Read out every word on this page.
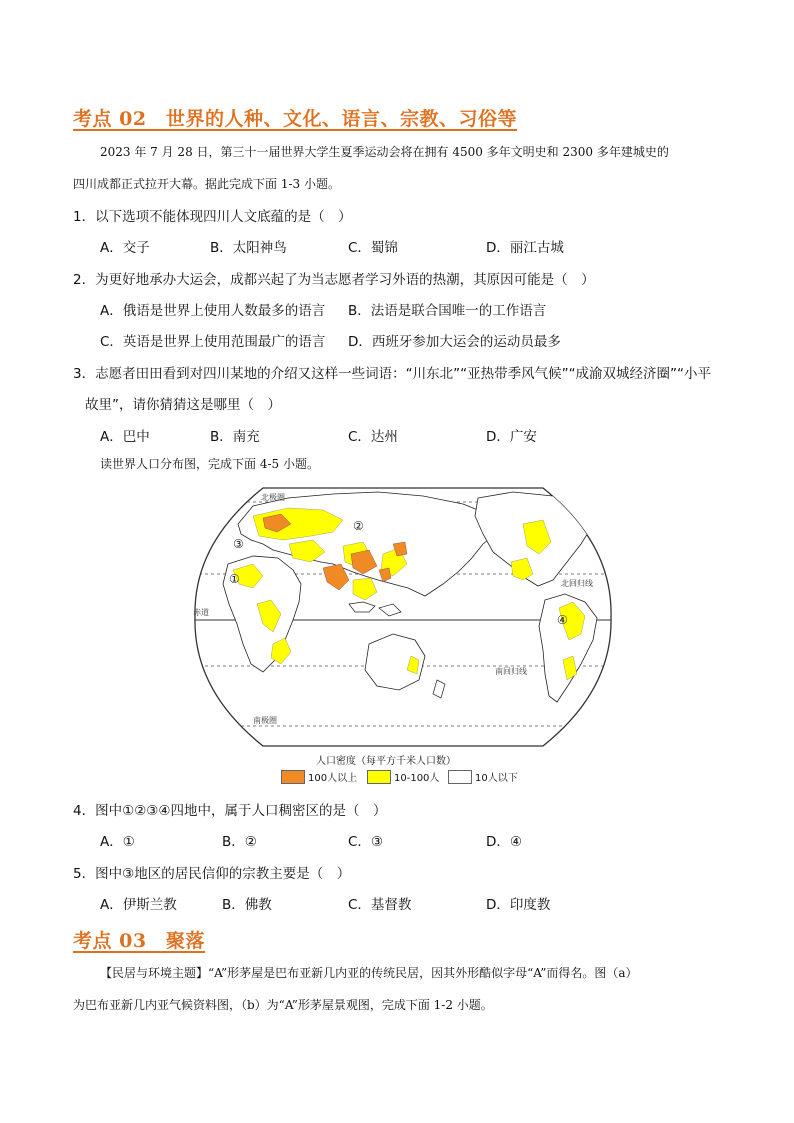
考点 02　世界的人种、文化、语言、宗教、习俗等
2023 年 7 月 28 日，第三十一届世界大学生夏季运动会将在拥有 4500 多年文明史和 2300 多年建城史的
四川成都正式拉开大幕。据此完成下面 1-3 小题。
1．以下选项不能体现四川人文底蕴的是（　）
A．交子	B．太阳神鸟	C．蜀锦	D．丽江古城
2．为更好地承办大运会，成都兴起了为当志愿者学习外语的热潮，其原因可能是（　）
A．俄语是世界上使用人数最多的语言 B．法语是联合国唯一的工作语言
C．英语是世界上使用范围最广的语言 D．西班牙参加大运会的运动员最多
3．志愿者田田看到对四川某地的介绍又这样一些词语：“川东北”“亚热带季风气候”“成渝双城经济圈”“小平
故里”，请你猜猜这是哪里（　）
A．巴中	B．南充	C．达州	D．广安
读世界人口分布图，完成下面 4-5 小题。
北极圈
北回归线
赤道
南回归线
南极圈
①
②
③
④
人口密度（每平方千米人口数）
100人以上	10-100人	10人以下
4．图中①②③④四地中，属于人口稠密区的是（　）
A．①	B．②	C．③	D．④
5．图中③地区的居民信仰的宗教主要是（　）
A．伊斯兰教	B．佛教	C．基督教	D．印度教
考点 03　聚落
【民居与环境主题】“A”形茅屋是巴布亚新几内亚的传统民居，因其外形酷似字母“A”而得名。图（a）
为巴布亚新几内亚气候资料图，（b）为“A”形茅屋景观图，完成下面 1-2 小题。
